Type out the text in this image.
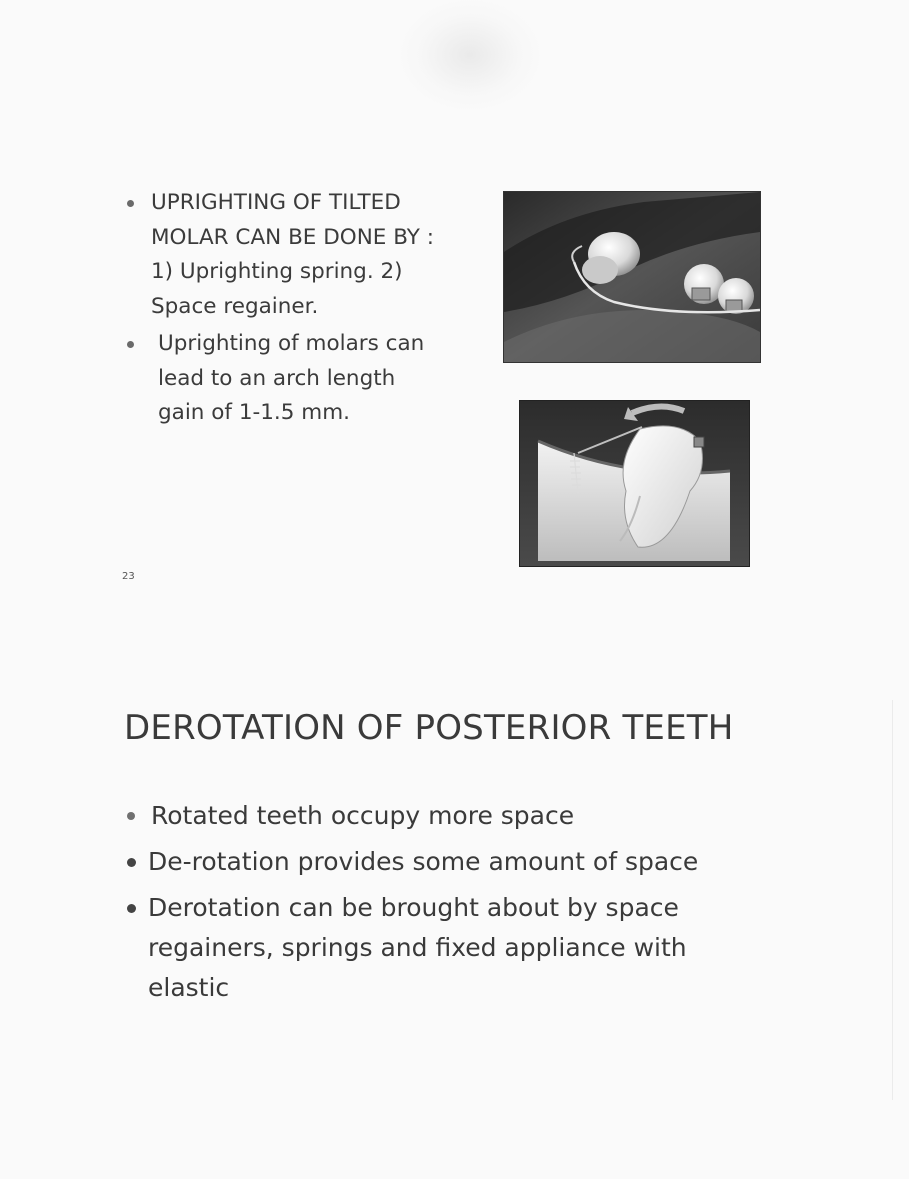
UPRIGHTING OF TILTED MOLAR CAN BE DONE BY : 1) Uprighting spring. 2) Space regainer.
Uprighting of molars can lead to an arch length gain of 1-1.5 mm.
23
DEROTATION OF POSTERIOR TEETH
Rotated teeth occupy more space
De-rotation provides some amount of space
Derotation can be brought about by space regainers, springs and fixed appliance with elastic
